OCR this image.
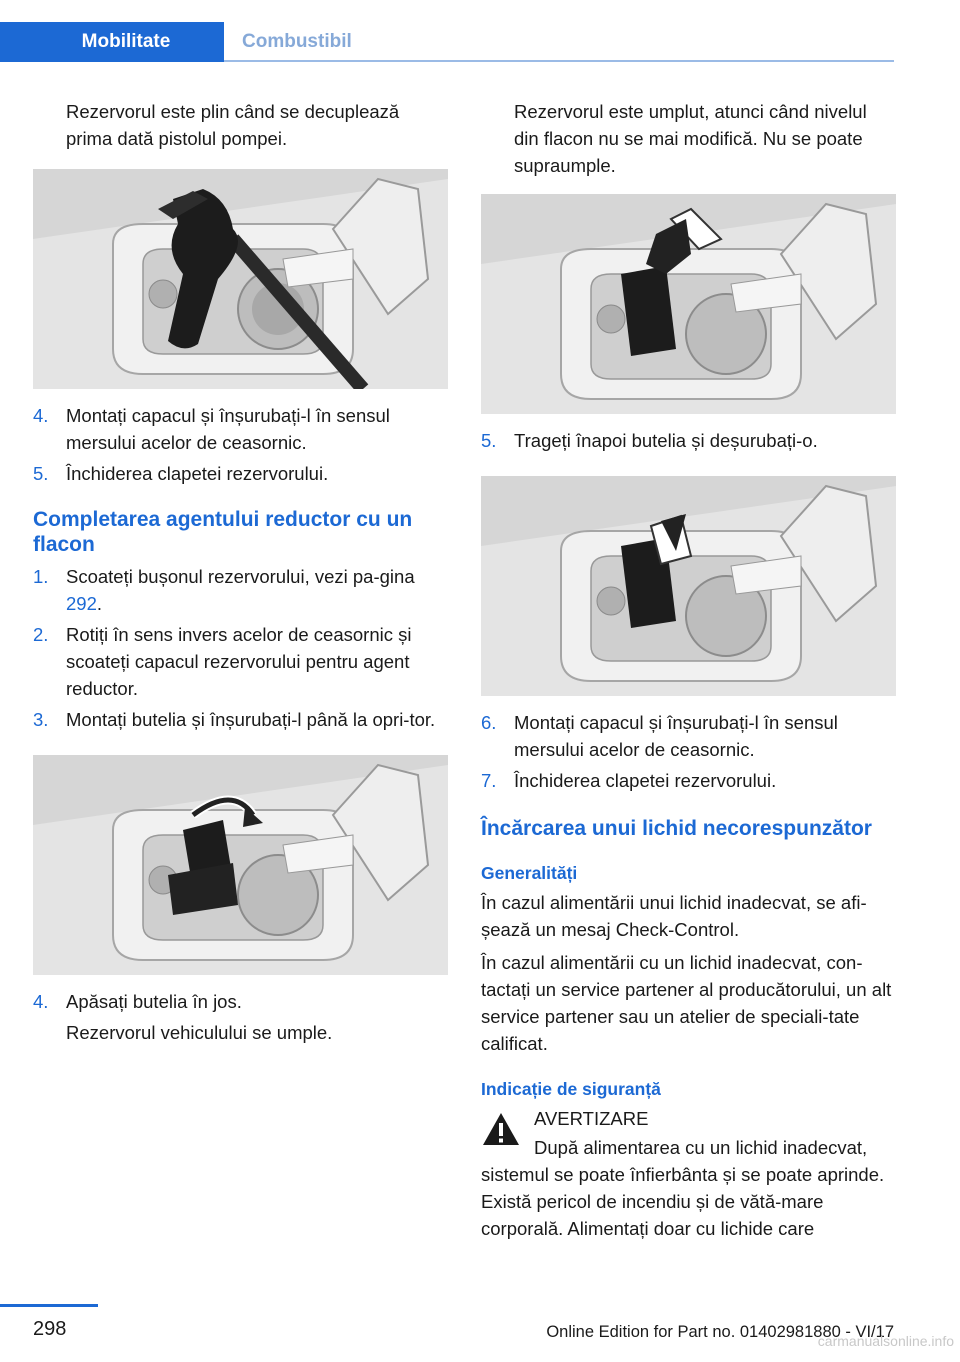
Mobilitate	Combustibil

Rezervorul este plin când se decuplează prima dată pistolul pompei.

4. Montați capacul și înșurubați-l în sensul mersului acelor de ceasornic.
5. Închiderea clapetei rezervorului.
Completarea agentului reductor cu un flacon
1. Scoateți bușonul rezervorului, vezi pa-gina 292.
2. Rotiți în sens invers acelor de ceasornic și scoateți capacul rezervorului pentru agent reductor.
3. Montați butelia și înșurubați-l până la opri-tor.
4. Apăsați butelia în jos.

Rezervorul vehiculului se umple.

Rezervorul este umplut, atunci când nivelul din flacon nu se mai modifică. Nu se poate supraumple.

5. Trageți înapoi butelia și deșurubați-o.
6. Montați capacul și înșurubați-l în sensul mersului acelor de ceasornic.
7. Închiderea clapetei rezervorului.
Încărcarea unui lichid necorespunzător
Generalități

În cazul alimentării unui lichid inadecvat, se afi-șează un mesaj Check-Control.

În cazul alimentării cu un lichid inadecvat, con-tactați un service partener al producătorului, un alt service partener sau un atelier de speciali-tate calificat.

Indicație de siguranță

AVERTIZARE

După alimentarea cu un lichid inadecvat, sistemul se poate înfierbânta și se poate aprinde. Există pericol de incendiu și de vătă-mare corporală. Alimentați doar cu lichide care

298	Online Edition for Part no. 01402981880 - VI/17
carmanualsonline.info
